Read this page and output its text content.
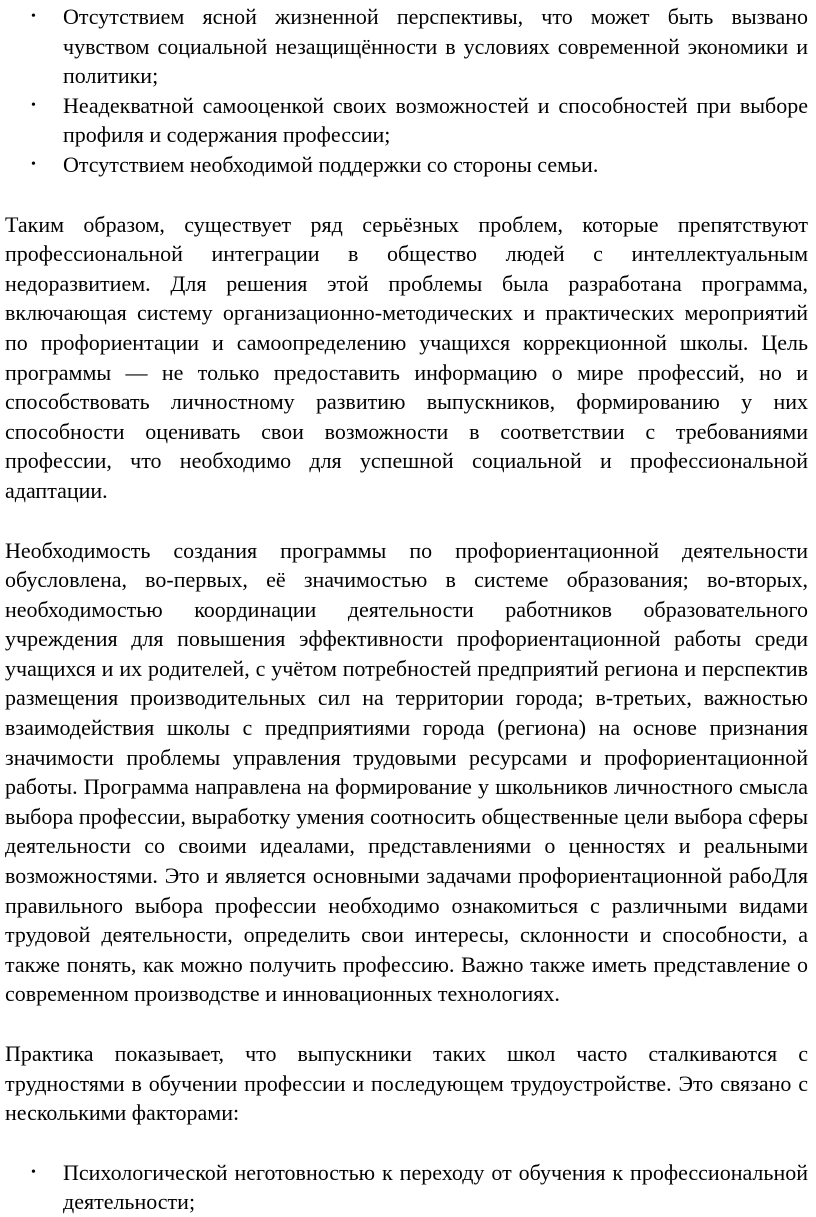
• Отсутствием ясной жизненной перспективы, что может быть вызвано чувством социальной незащищённости в условиях современной экономики и политики;
• Неадекватной самооценкой своих возможностей и способностей при выборе профиля и содержания профессии;
• Отсутствием необходимой поддержки со стороны семьи.

Таким образом, существует ряд серьёзных проблем, которые препятствуют профессиональной интеграции в общество людей с интеллектуальным недоразвитием. Для решения этой проблемы была разработана программа, включающая систему организационно-методических и практических мероприятий по профориентации и самоопределению учащихся коррекционной школы. Цель программы — не только предоставить информацию о мире профессий, но и способствовать личностному развитию выпускников, формированию у них способности оценивать свои возможности в соответствии с требованиями профессии, что необходимо для успешной социальной и профессиональной адаптации.

Необходимость создания программы по профориентационной деятельности обусловлена, во-первых, её значимостью в системе образования; во-вторых, необходимостью координации деятельности работников образовательного учреждения для повышения эффективности профориентационной работы среди учащихся и их родителей, с учётом потребностей предприятий региона и перспектив размещения производительных сил на территории города; в-третьих, важностью взаимодействия школы с предприятиями города (региона) на основе признания значимости проблемы управления трудовыми ресурсами и профориентационной работы. Программа направлена на формирование у школьников личностного смысла выбора профессии, выработку умения соотносить общественные цели выбора сферы деятельности со своими идеалами, представлениями о ценностях и реальными возможностями. Это и является основными задачами профориентационной рабоДля правильного выбора профессии необходимо ознакомиться с различными видами трудовой деятельности, определить свои интересы, склонности и способности, а также понять, как можно получить профессию. Важно также иметь представление о современном производстве и инновационных технологиях.

Практика показывает, что выпускники таких школ часто сталкиваются с трудностями в обучении профессии и последующем трудоустройстве. Это связано с несколькими факторами:

• Психологической неготовностью к переходу от обучения к профессиональной деятельности;
